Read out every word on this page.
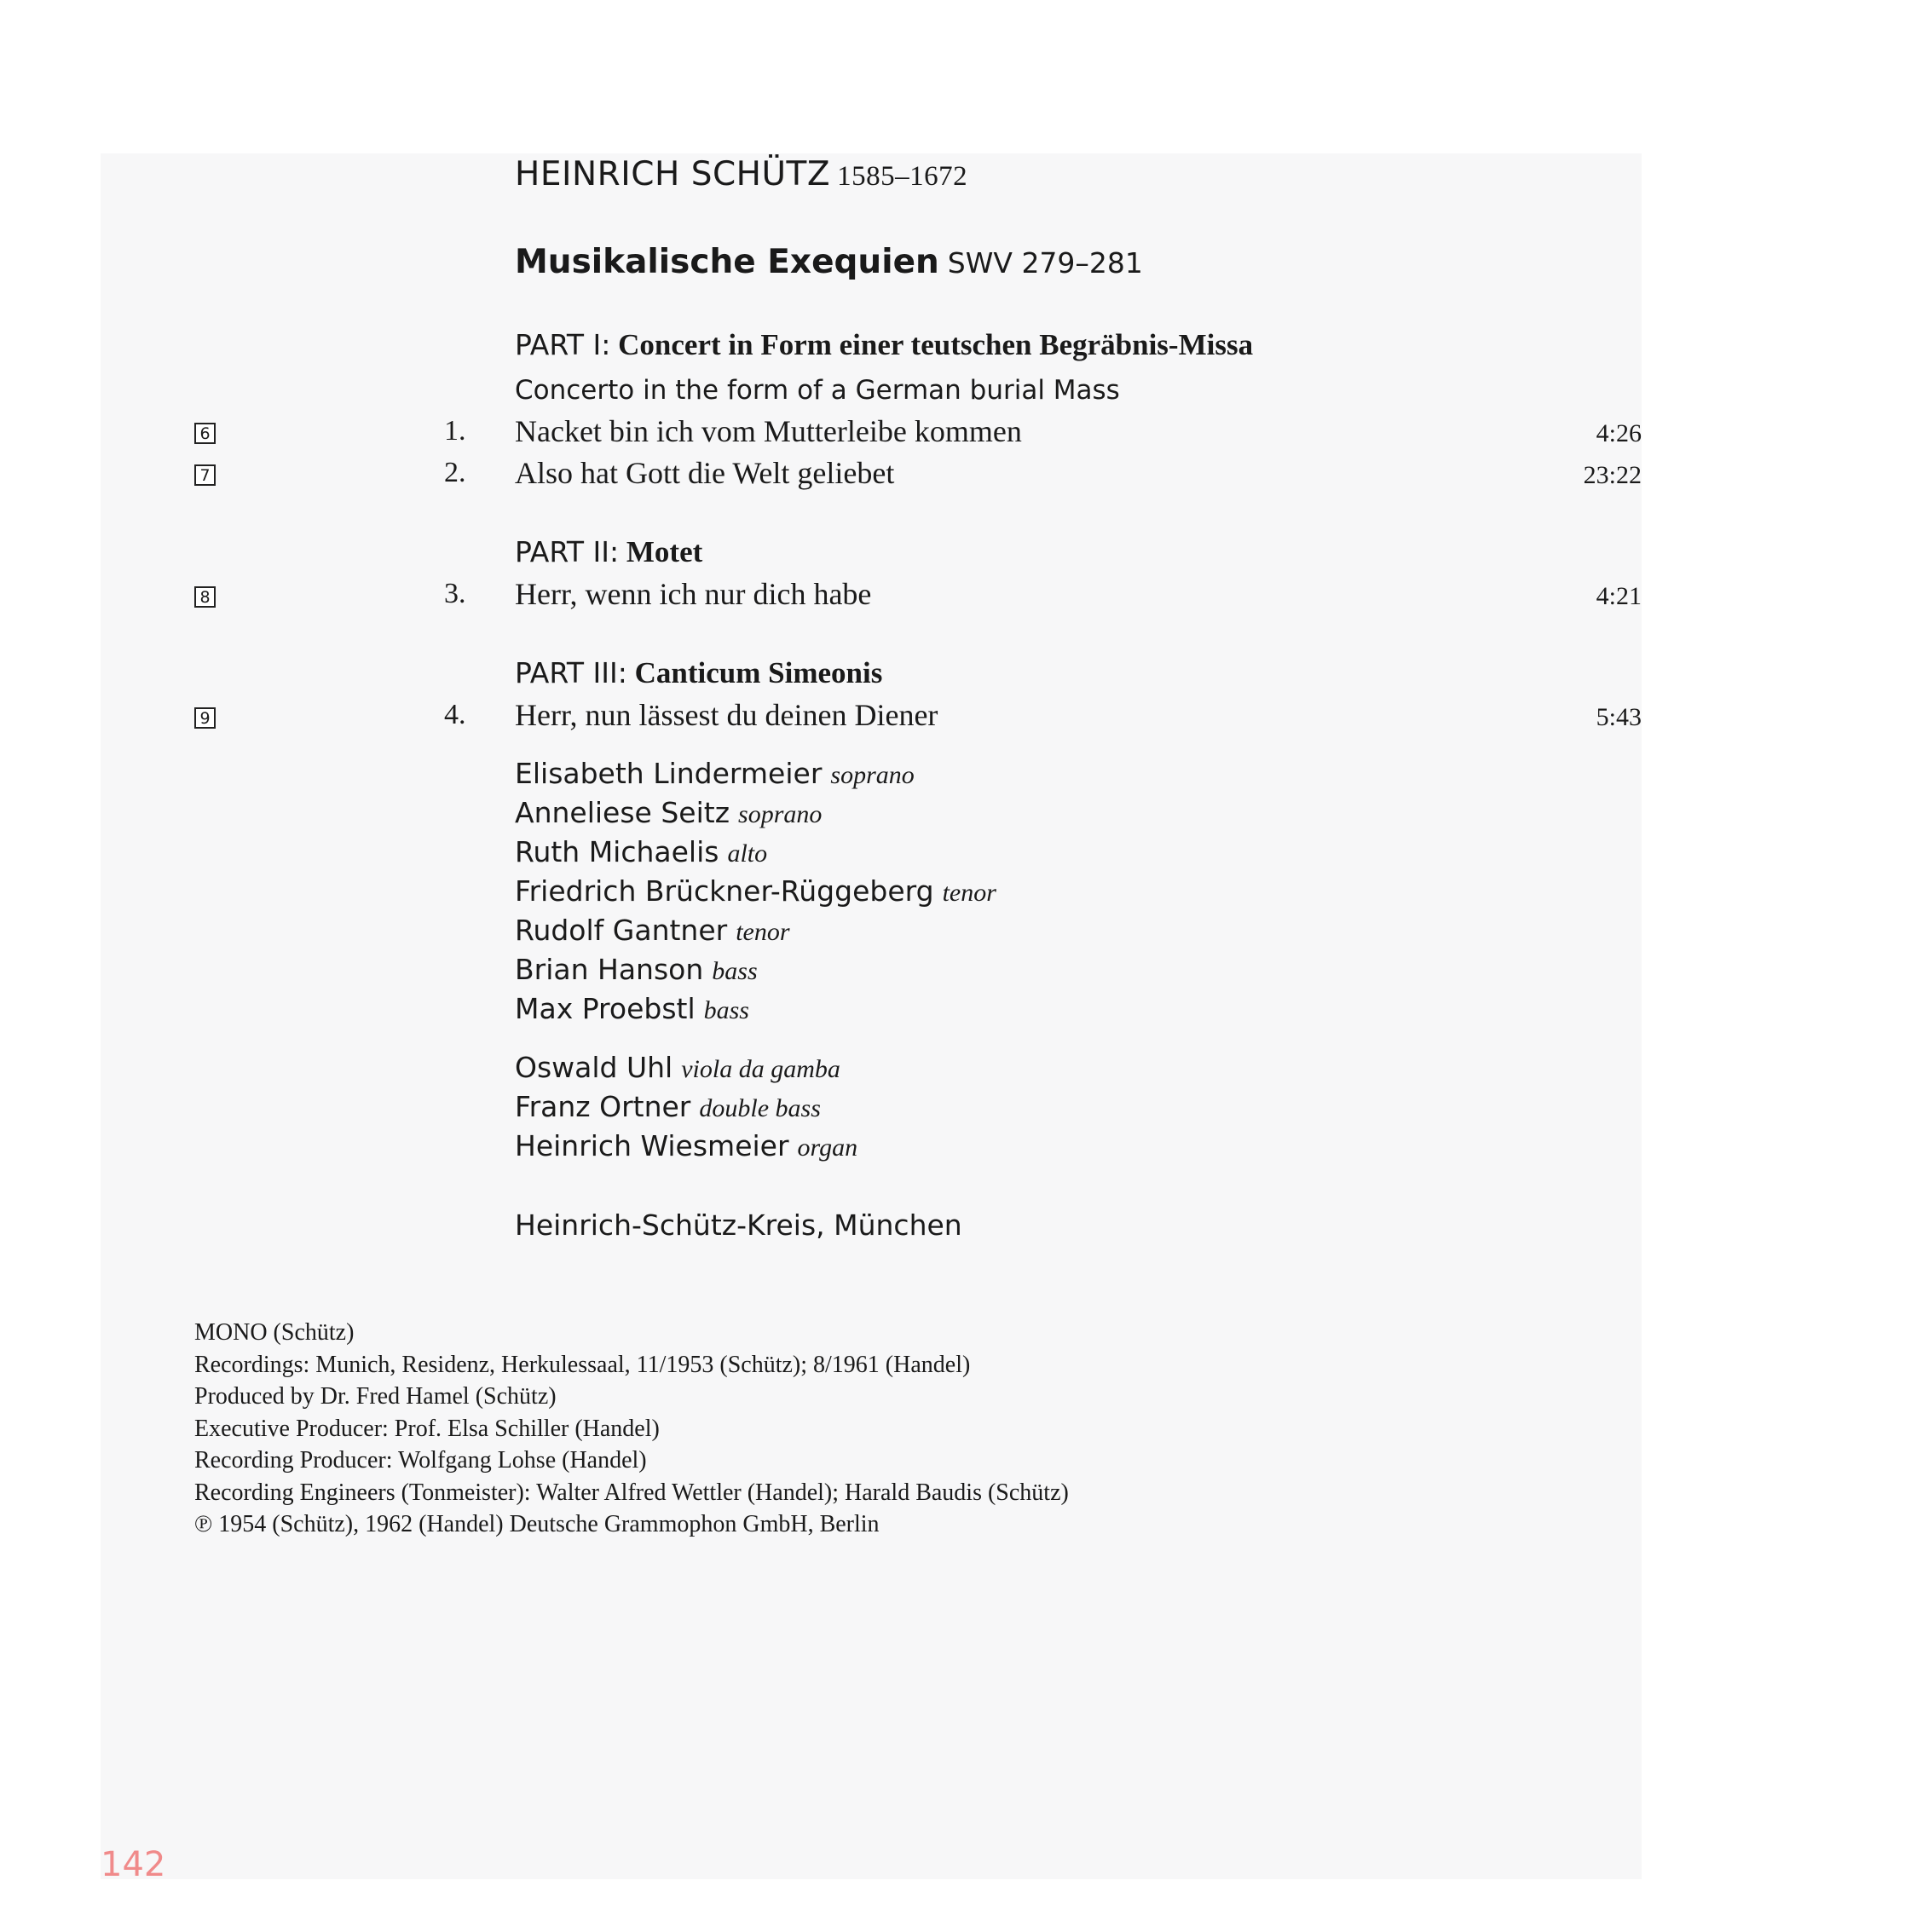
HEINRICH SCHÜTZ 1585–1672
Musikalische Exequien SWV 279–281
PART I: Concert in Form einer teutschen Begräbnis-Missa
Concerto in the form of a German burial Mass
6	1. Nacket bin ich vom Mutterleibe kommen	4:26
7	2. Also hat Gott die Welt geliebet	23:22
PART II: Motet
8	3. Herr, wenn ich nur dich habe	4:21
PART III: Canticum Simeonis
9	4. Herr, nun lässest du deinen Diener	5:43
Elisabeth Lindermeier soprano
Anneliese Seitz soprano
Ruth Michaelis alto
Friedrich Brückner-Rüggeberg tenor
Rudolf Gantner tenor
Brian Hanson bass
Max Proebstl bass
Oswald Uhl viola da gamba
Franz Ortner double bass
Heinrich Wiesmeier organ
Heinrich-Schütz-Kreis, München
MONO (Schütz)
Recordings: Munich, Residenz, Herkulessaal, 11/1953 (Schütz); 8/1961 (Handel)
Produced by Dr. Fred Hamel (Schütz)
Executive Producer: Prof. Elsa Schiller (Handel)
Recording Producer: Wolfgang Lohse (Handel)
Recording Engineers (Tonmeister): Walter Alfred Wettler (Handel); Harald Baudis (Schütz)
℗ 1954 (Schütz), 1962 (Handel) Deutsche Grammophon GmbH, Berlin
142
